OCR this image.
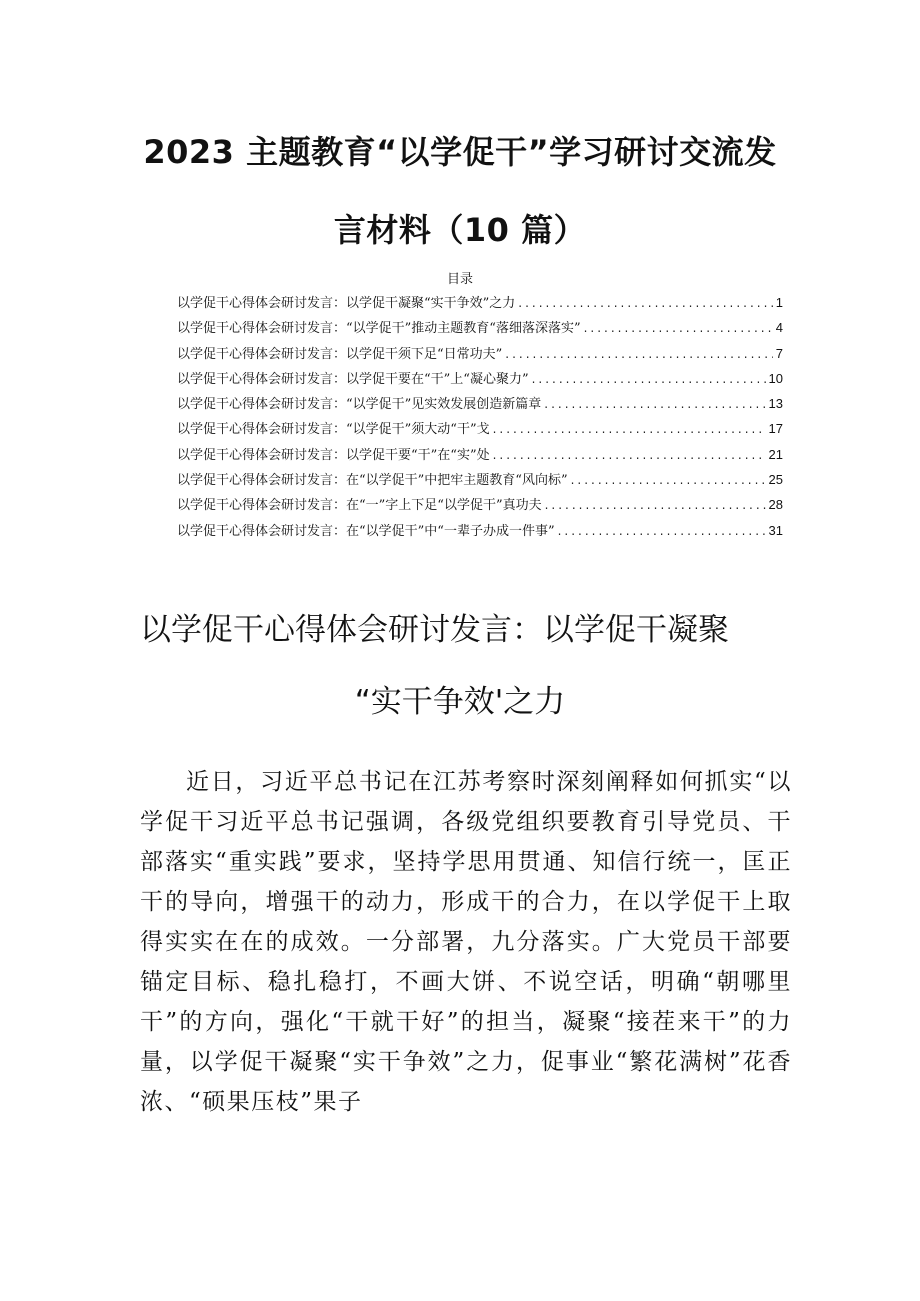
2023 主题教育“以学促干”学习研讨交流发
言材料（10 篇）
目录
以学促干心得体会研讨发言：以学促干凝聚“实干争效”之力 .....	1
以学促干心得体会研讨发言：“以学促干”推动主题教育“落细落深落实” .....	4
以学促干心得体会研讨发言：以学促干须下足“日常功夫” .....	7
以学促干心得体会研讨发言：以学促干要在“干”上“凝心聚力” .....	10
以学促干心得体会研讨发言：“以学促干”见实效发展创造新篇章 .....	13
以学促干心得体会研讨发言：“以学促干”须大动“干”戈 .....	17
以学促干心得体会研讨发言：以学促干要“干”在“实”处 .....	21
以学促干心得体会研讨发言：在“以学促干”中把牢主题教育“风向标” .....	25
以学促干心得体会研讨发言：在“一”字上下足“以学促干”真功夫 .....	28
以学促干心得体会研讨发言：在“以学促干”中“一辈子办成一件事” .....	31
以学促干心得体会研讨发言：以学促干凝聚
“实干争效'之力

近日，习近平总书记在江苏考察时深刻阐释如何抓实“以学促干习近平总书记强调，各级党组织要教育引导党员、干部落实“重实践”要求，坚持学思用贯通、知信行统一，匡正干的导向，增强干的动力，形成干的合力，在以学促干上取得实实在在的成效。一分部署，九分落实。广大党员干部要锚定目标、稳扎稳打，不画大饼、不说空话，明确“朝哪里干”的方向，强化“干就干好”的担当，凝聚“接茬来干”的力量，以学促干凝聚“实干争效”之力，促事业“繁花满树”花香浓、“硕果压枝”果子
